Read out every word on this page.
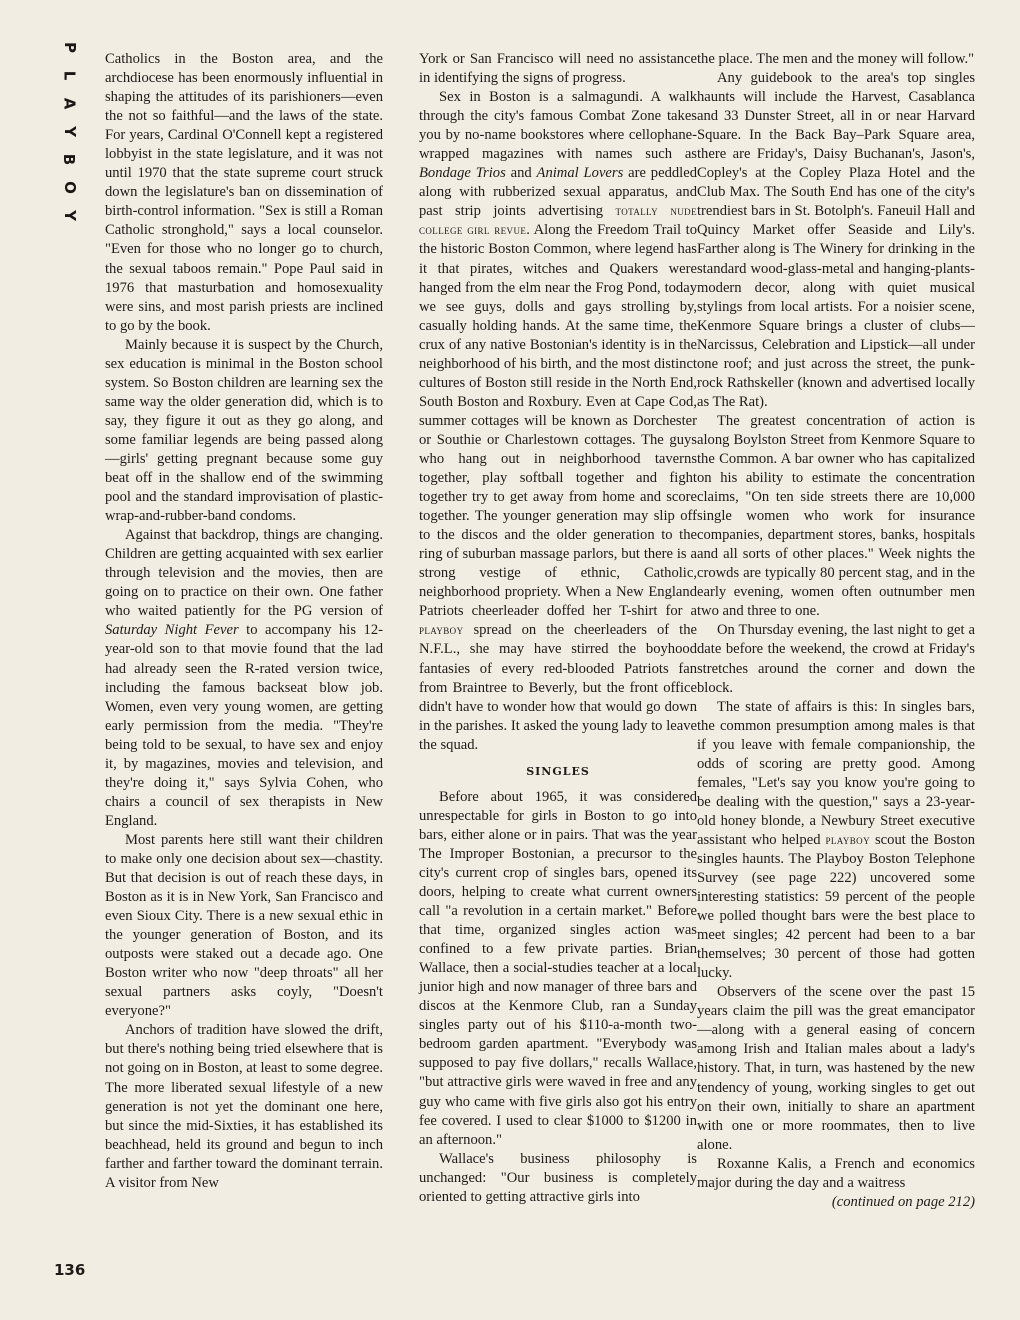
P
L
A
Y
B
O
Y
136

Catholics in the Boston area, and the archdiocese has been enormously influential in shaping the attitudes of its parishioners—even the not so faithful—and the laws of the state. For years, Cardinal O'Connell kept a registered lobbyist in the state legislature, and it was not until 1970 that the state supreme court struck down the legislature's ban on dissemination of birth-control information. "Sex is still a Roman Catholic stronghold," says a local counselor. "Even for those who no longer go to church, the sexual taboos remain." Pope Paul said in 1976 that masturbation and homosexuality were sins, and most parish priests are inclined to go by the book.

Mainly because it is suspect by the Church, sex education is minimal in the Boston school system. So Boston children are learning sex the same way the older generation did, which is to say, they figure it out as they go along, and some familiar legends are being passed along—girls' getting pregnant because some guy beat off in the shallow end of the swimming pool and the standard improvisation of plastic-wrap-and-rubber-band condoms.

Against that backdrop, things are changing. Children are getting acquainted with sex earlier through television and the movies, then are going on to practice on their own. One father who waited patiently for the PG version of Saturday Night Fever to accompany his 12-year-old son to that movie found that the lad had already seen the R-rated version twice, including the famous backseat blow job. Women, even very young women, are getting early permission from the media. "They're being told to be sexual, to have sex and enjoy it, by magazines, movies and television, and they're doing it," says Sylvia Cohen, who chairs a council of sex therapists in New England.

Most parents here still want their children to make only one decision about sex—chastity. But that decision is out of reach these days, in Boston as it is in New York, San Francisco and even Sioux City. There is a new sexual ethic in the younger generation of Boston, and its outposts were staked out a decade ago. One Boston writer who now "deep throats" all her sexual partners asks coyly, "Doesn't everyone?"

Anchors of tradition have slowed the drift, but there's nothing being tried elsewhere that is not going on in Boston, at least to some degree. The more liberated sexual lifestyle of a new generation is not yet the dominant one here, but since the mid-Sixties, it has established its beachhead, held its ground and begun to inch farther and farther toward the dominant terrain. A visitor from New

York or San Francisco will need no assistance in identifying the signs of progress.

Sex in Boston is a salmagundi. A walk through the city's famous Combat Zone takes you by no-name bookstores where cellophane-wrapped magazines with names such as Bondage Trios and Animal Lovers are peddled along with rubberized sexual apparatus, and past strip joints advertising totally nude college girl revue. Along the Freedom Trail to the historic Boston Common, where legend has it that pirates, witches and Quakers were hanged from the elm near the Frog Pond, today we see guys, dolls and gays strolling by, casually holding hands. At the same time, the crux of any native Bostonian's identity is in the neighborhood of his birth, and the most distinct cultures of Boston still reside in the North End, South Boston and Roxbury. Even at Cape Cod, summer cottages will be known as Dorchester or Southie or Charlestown cottages. The guys who hang out in neighborhood taverns together, play softball together and fight together try to get away from home and score together. The younger generation may slip off to the discos and the older generation to the ring of suburban massage parlors, but there is a strong vestige of ethnic, Catholic, neighborhood propriety. When a New England Patriots cheerleader doffed her T-shirt for a playboy spread on the cheerleaders of the N.F.L., she may have stirred the boyhood fantasies of every red-blooded Patriots fan from Braintree to Beverly, but the front office didn't have to wonder how that would go down in the parishes. It asked the young lady to leave the squad.

SINGLES

Before about 1965, it was considered unrespectable for girls in Boston to go into bars, either alone or in pairs. That was the year The Improper Bostonian, a precursor to the city's current crop of singles bars, opened its doors, helping to create what current owners call "a revolution in a certain market." Before that time, organized singles action was confined to a few private parties. Brian Wallace, then a social-studies teacher at a local junior high and now manager of three bars and discos at the Kenmore Club, ran a Sunday singles party out of his $110-a-month two-bedroom garden apartment. "Everybody was supposed to pay five dollars," recalls Wallace, "but attractive girls were waved in free and any guy who came with five girls also got his entry fee covered. I used to clear $1000 to $1200 in an afternoon."

Wallace's business philosophy is unchanged: "Our business is completely oriented to getting attractive girls into

the place. The men and the money will follow."

Any guidebook to the area's top singles haunts will include the Harvest, Casablanca and 33 Dunster Street, all in or near Harvard Square. In the Back Bay–Park Square area, there are Friday's, Daisy Buchanan's, Jason's, Copley's at the Copley Plaza Hotel and the Club Max. The South End has one of the city's trendiest bars in St. Botolph's. Faneuil Hall and Quincy Market offer Seaside and Lily's. Farther along is The Winery for drinking in the standard wood-glass-metal and hanging-plants-modern decor, along with quiet musical stylings from local artists. For a noisier scene, Kenmore Square brings a cluster of clubs—Narcissus, Celebration and Lipstick—all under one roof; and just across the street, the punk-rock Rathskeller (known and advertised locally as The Rat).

The greatest concentration of action is along Boylston Street from Kenmore Square to the Common. A bar owner who has capitalized on his ability to estimate the concentration claims, "On ten side streets there are 10,000 single women who work for insurance companies, department stores, banks, hospitals and all sorts of other places." Week nights the crowds are typically 80 percent stag, and in the early evening, women often outnumber men two and three to one.

On Thursday evening, the last night to get a date before the weekend, the crowd at Friday's stretches around the corner and down the block.

The state of affairs is this: In singles bars, the common presumption among males is that if you leave with female companionship, the odds of scoring are pretty good. Among females, "Let's say you know you're going to be dealing with the question," says a 23-year-old honey blonde, a Newbury Street executive assistant who helped playboy scout the Boston singles haunts. The Playboy Boston Telephone Survey (see page 222) uncovered some interesting statistics: 59 percent of the people we polled thought bars were the best place to meet singles; 42 percent had been to a bar themselves; 30 percent of those had gotten lucky.

Observers of the scene over the past 15 years claim the pill was the great emancipator—along with a general easing of concern among Irish and Italian males about a lady's history. That, in turn, was hastened by the new tendency of young, working singles to get out on their own, initially to share an apartment with one or more roommates, then to live alone.

Roxanne Kalis, a French and economics major during the day and a waitress

(continued on page 212)
